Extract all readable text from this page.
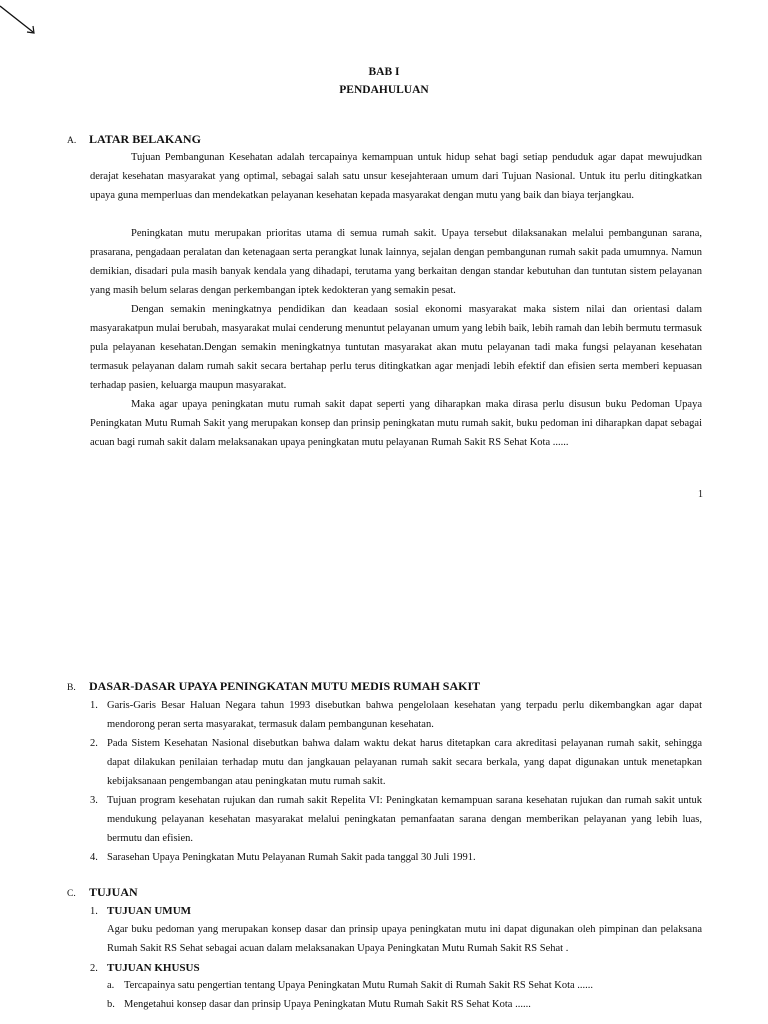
BAB I
PENDAHULUAN
A. LATAR BELAKANG

Tujuan Pembangunan Kesehatan adalah tercapainya kemampuan untuk hidup sehat bagi setiap penduduk agar dapat mewujudkan derajat kesehatan masyarakat yang optimal, sebagai salah satu unsur kesejahteraan umum dari Tujuan Nasional. Untuk itu perlu ditingkatkan upaya guna memperluas dan mendekatkan pelayanan kesehatan kepada masyarakat dengan mutu yang baik dan biaya terjangkau.

Peningkatan mutu merupakan prioritas utama di semua rumah sakit. Upaya tersebut dilaksanakan melalui pembangunan sarana, prasarana, pengadaan peralatan dan ketenagaan serta perangkat lunak lainnya, sejalan dengan pembangunan rumah sakit pada umumnya. Namun demikian, disadari pula masih banyak kendala yang dihadapi, terutama yang berkaitan dengan standar kebutuhan dan tuntutan sistem pelayanan yang masih belum selaras dengan perkembangan iptek kedokteran yang semakin pesat.

Dengan semakin meningkatnya pendidikan dan keadaan sosial ekonomi masyarakat maka sistem nilai dan orientasi dalam masyarakatpun mulai berubah, masyarakat mulai cenderung menuntut pelayanan umum yang lebih baik, lebih ramah dan lebih bermutu termasuk pula pelayanan kesehatan.Dengan semakin meningkatnya tuntutan masyarakat akan mutu pelayanan tadi maka fungsi pelayanan kesehatan termasuk pelayanan dalam rumah sakit secara bertahap perlu terus ditingkatkan agar menjadi lebih efektif dan efisien serta memberi kepuasan terhadap pasien, keluarga maupun masyarakat.

Maka agar upaya peningkatan mutu rumah sakit dapat seperti yang diharapkan maka dirasa perlu disusun buku Pedoman Upaya Peningkatan Mutu Rumah Sakit yang merupakan konsep dan prinsip peningkatan mutu rumah sakit, buku pedoman ini diharapkan dapat sebagai acuan bagi rumah sakit dalam melaksanakan upaya peningkatan mutu pelayanan Rumah Sakit RS Sehat Kota ......

1
B. DASAR-DASAR UPAYA PENINGKATAN MUTU MEDIS RUMAH SAKIT
1. Garis-Garis Besar Haluan Negara tahun 1993 disebutkan bahwa pengelolaan kesehatan yang terpadu perlu dikembangkan agar dapat mendorong peran serta masyarakat, termasuk dalam pembangunan kesehatan.
2. Pada Sistem Kesehatan Nasional disebutkan bahwa dalam waktu dekat harus ditetapkan cara akreditasi pelayanan rumah sakit, sehingga dapat dilakukan penilaian terhadap mutu dan jangkauan pelayanan rumah sakit secara berkala, yang dapat digunakan untuk menetapkan kebijaksanaan pengembangan atau peningkatan mutu rumah sakit.
3. Tujuan program kesehatan rujukan dan rumah sakit Repelita VI: Peningkatan kemampuan sarana kesehatan rujukan dan rumah sakit untuk mendukung pelayanan kesehatan masyarakat melalui peningkatan pemanfaatan sarana dengan memberikan pelayanan yang lebih luas, bermutu dan efisien.
4. Sarasehan Upaya Peningkatan Mutu Pelayanan Rumah Sakit pada tanggal 30 Juli 1991.
C. TUJUAN
1. TUJUAN UMUM

Agar buku pedoman yang merupakan konsep dasar dan prinsip upaya peningkatan mutu ini dapat digunakan oleh pimpinan dan pelaksana Rumah Sakit RS Sehat sebagai acuan dalam melaksanakan Upaya Peningkatan Mutu Rumah Sakit RS Sehat .

2. TUJUAN KHUSUS
a. Tercapainya satu pengertian tentang Upaya Peningkatan Mutu Rumah Sakit di Rumah Sakit RS Sehat Kota ......
b. Mengetahui konsep dasar dan prinsip Upaya Peningkatan Mutu Rumah Sakit RS Sehat Kota ......
